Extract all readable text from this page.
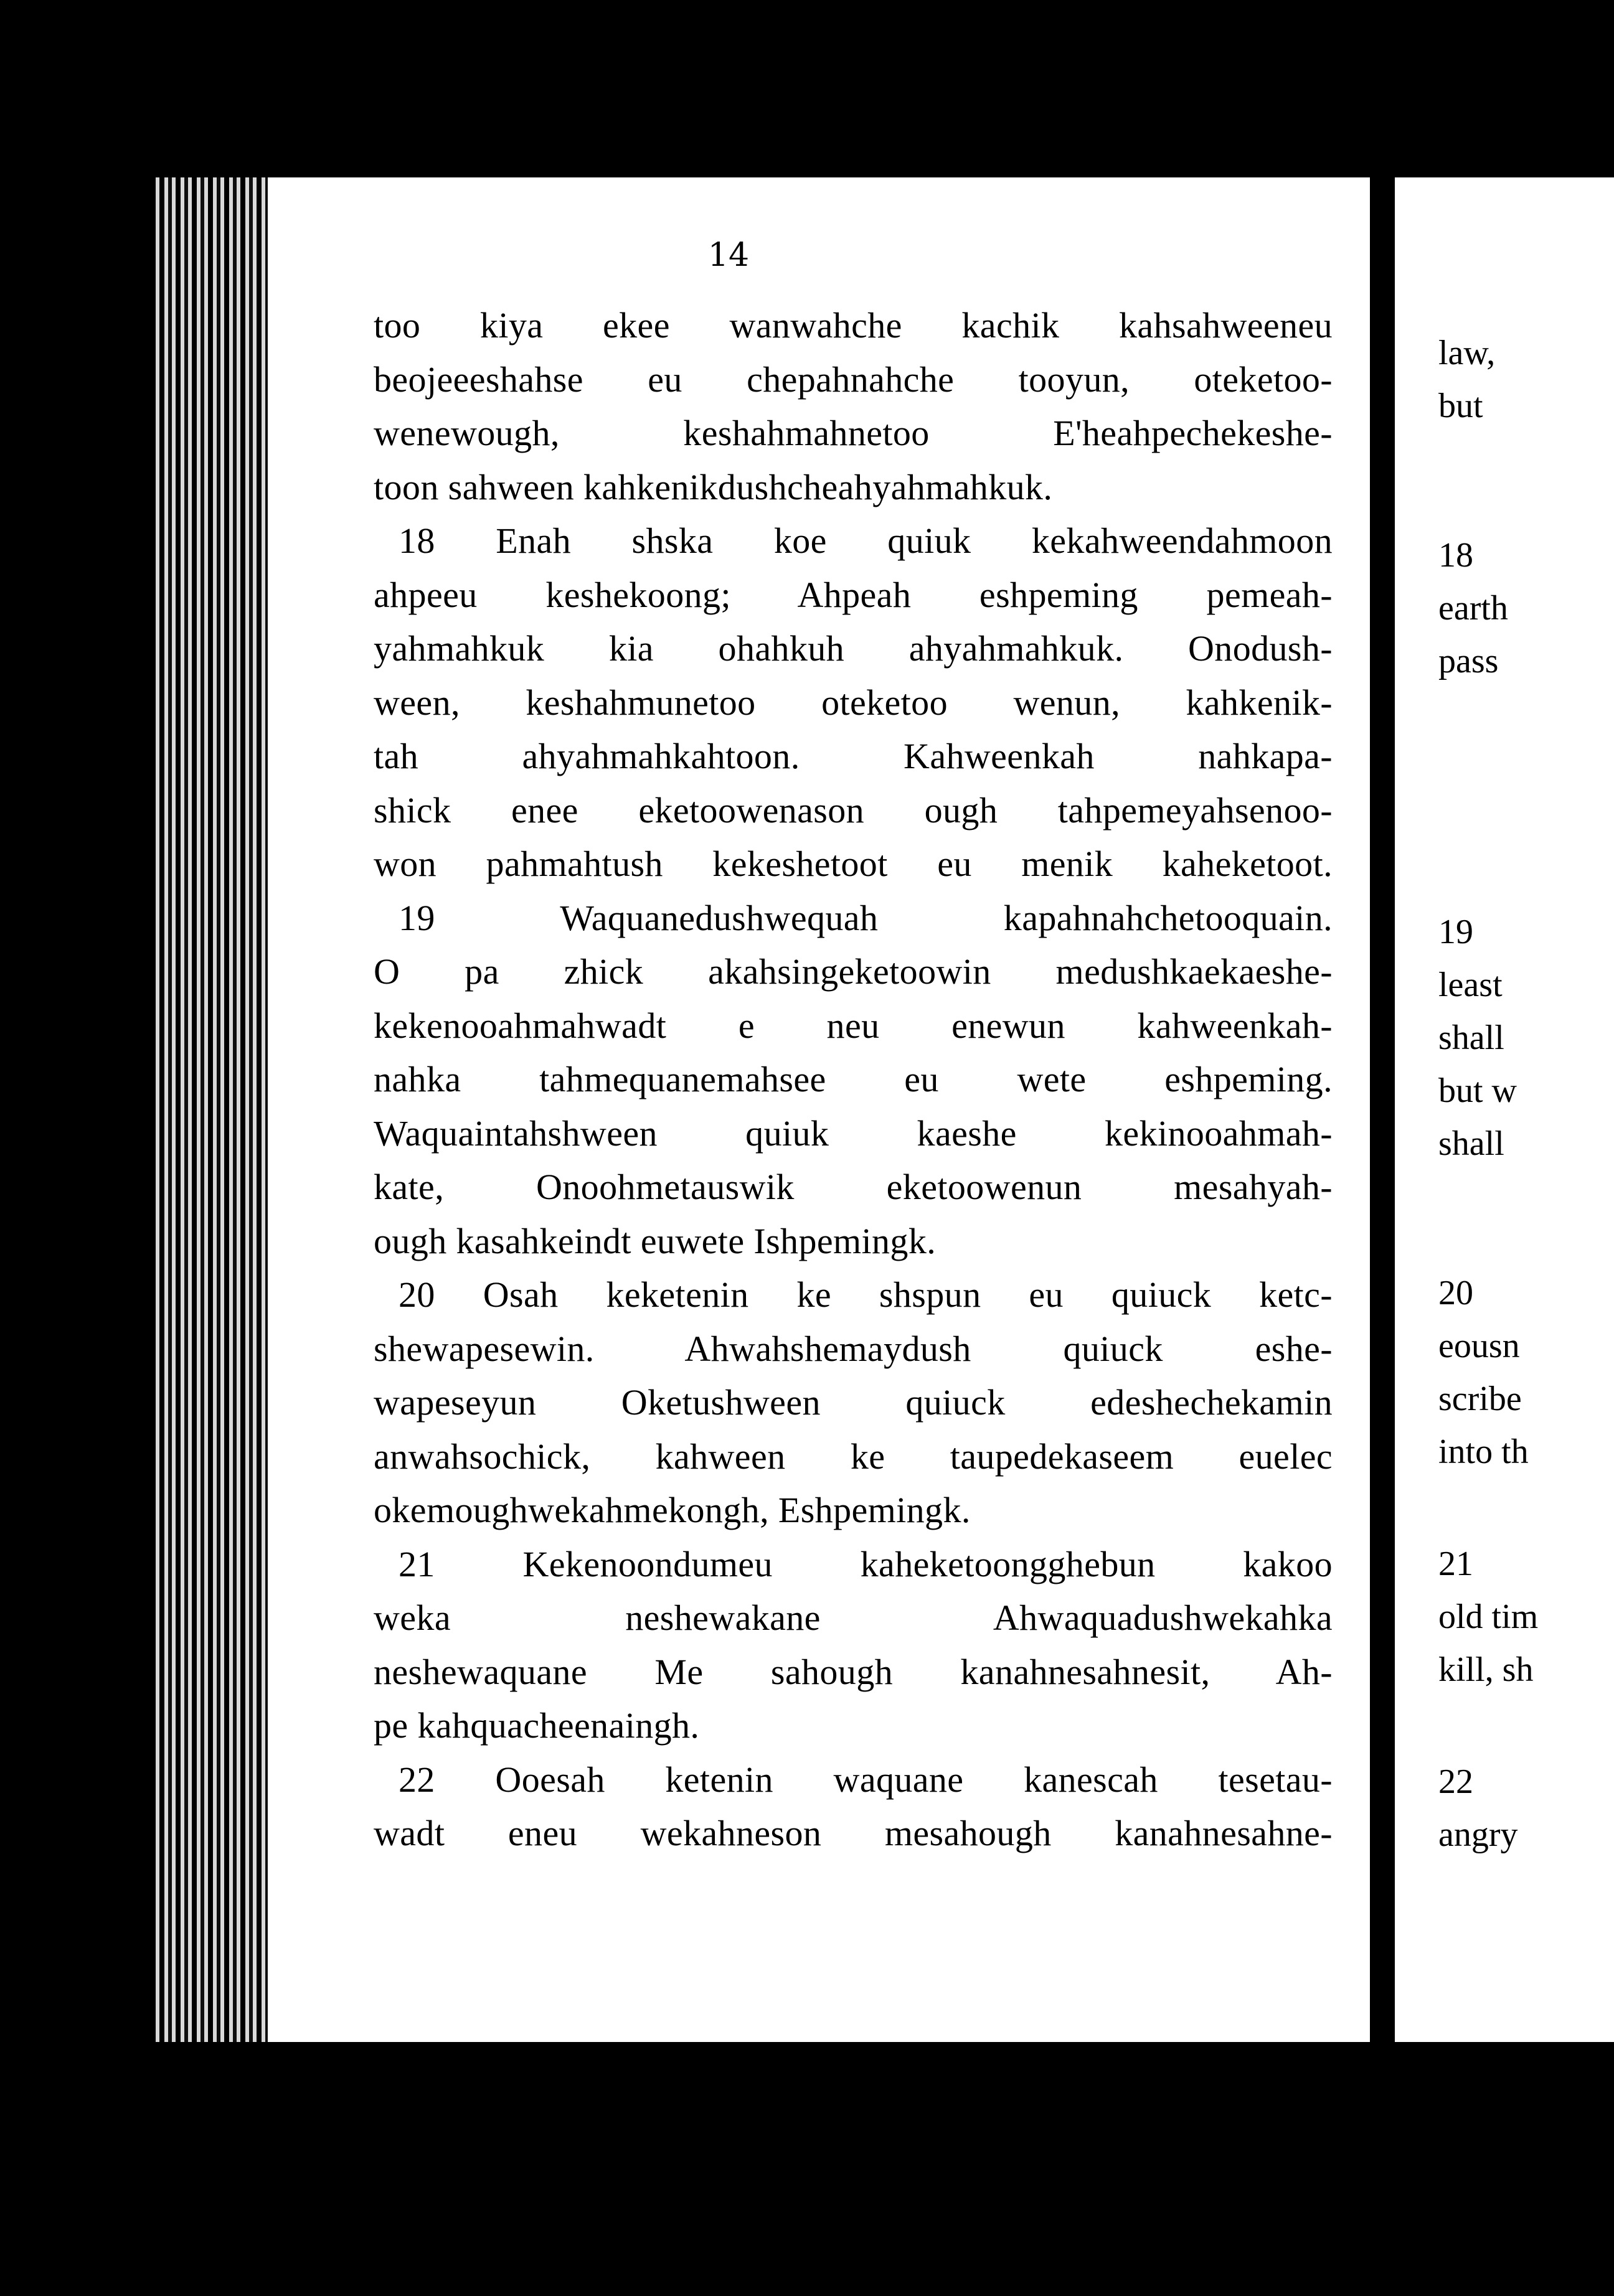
14
too kiya ekee wanwahche kachik kahsahweeneu
beojeeeshahse eu chepahnahche tooyun, oteketoo-
wenewough, keshahmahnetoo E'heahpechekeshe-
toon sahween kahkenikdushcheahyahmahkuk.
18 Enah shska koe quiuk kekahweendahmoon
ahpeeu keshekoong; Ahpeah eshpeming pemeah-
yahmahkuk kia ohahkuh ahyahmahkuk. Onodush-
ween, keshahmunetoo oteketoo wenun, kahkenik-
tah ahyahmahkahtoon. Kahweenkah nahkapa-
shick enee eketoowenason ough tahpemeyahsenoo-
won pahmahtush kekeshetoot eu menik kaheketoot.
19 Waquanedushwequah kapahnahchetooquain.
O pa zhick akahsingeketoowin medushkaekaeshe-
kekenooahmahwadt e neu enewun kahweenkah-
nahka tahmequanemahsee eu wete eshpeming.
Waquaintahshween quiuk kaeshe kekinooahmah-
kate, Onoohmetauswik eketoowenun mesahyah-
ough kasahkeindt euwete Ishpemingk.
20 Osah keketenin ke shspun eu quiuck ketc-
shewapesewin. Ahwahshemaydush quiuck eshe-
wapeseyun Oketushween quiuck edeshechekamin
anwahsochick, kahween ke taupedekaseem euelec
okemoughwekahmekongh, Eshpemingk.
21 Kekenoondumeu kaheketoongghebun kakoo
weka neshewakane Ahwaquadushwekahka
neshewaquane Me sahough kanahnesahnesit, Ah-
pe kahquacheenaingh.
22 Ooesah ketenin waquane kanescah tesetau-
wadt eneu wekahneson mesahough kanahnesahne-
law,
but
18
earth
pass
19
least
shall
but w
shall
20
eousn
scribe
into th
21
old tim
kill, sh
22
angry
